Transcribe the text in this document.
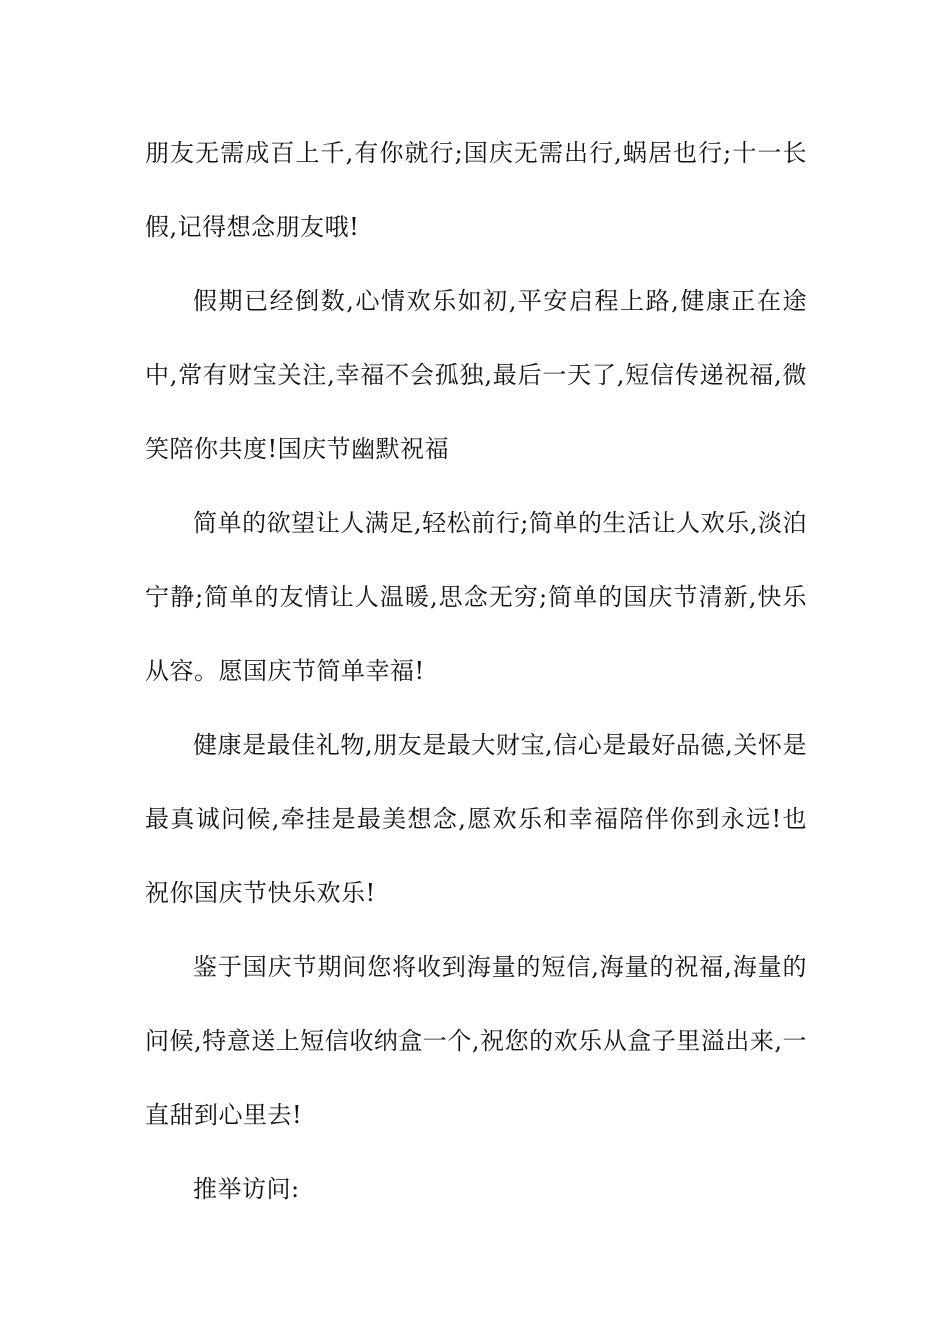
朋友无需成百上千,有你就行;国庆无需出行,蜗居也行;十一长假,记得想念朋友哦!

假期已经倒数,心情欢乐如初,平安启程上路,健康正在途中,常有财宝关注,幸福不会孤独,最后一天了,短信传递祝福,微笑陪你共度!国庆节幽默祝福

简单的欲望让人满足,轻松前行;简单的生活让人欢乐,淡泊宁静;简单的友情让人温暖,思念无穷;简单的国庆节清新,快乐从容。愿国庆节简单幸福!

健康是最佳礼物,朋友是最大财宝,信心是最好品德,关怀是最真诚问候,牵挂是最美想念,愿欢乐和幸福陪伴你到永远!也祝你国庆节快乐欢乐!

鉴于国庆节期间您将收到海量的短信,海量的祝福,海量的问候,特意送上短信收纳盒一个,祝您的欢乐从盒子里溢出来,一直甜到心里去!

推举访问:
